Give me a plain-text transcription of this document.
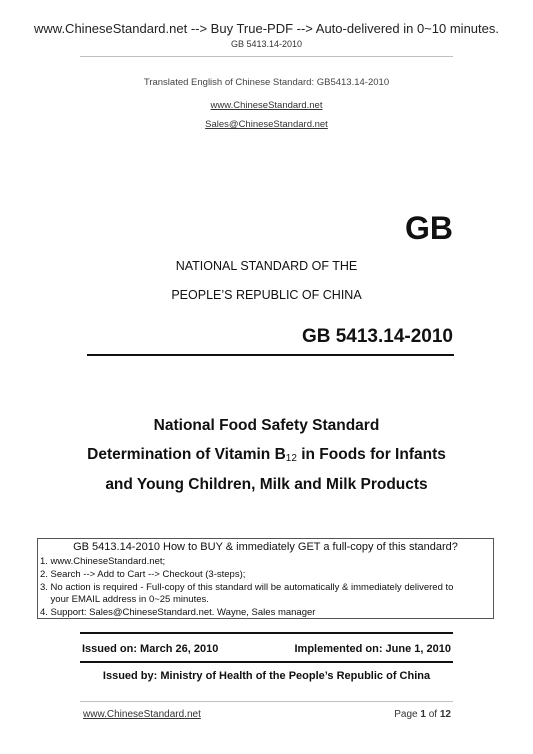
www.ChineseStandard.net --> Buy True-PDF --> Auto-delivered in 0~10 minutes.
GB 5413.14-2010
Translated English of Chinese Standard: GB5413.14-2010
www.ChineseStandard.net
Sales@ChineseStandard.net
GB
NATIONAL STANDARD OF THE
PEOPLE’S REPUBLIC OF CHINA
GB 5413.14-2010
National Food Safety Standard
Determination of Vitamin $B_{12}$ in Foods for Infants
and Young Children, Milk and Milk Products
GB 5413.14-2010 How to BUY & immediately GET a full-copy of this standard?
1. www.ChineseStandard.net;
2. Search --> Add to Cart --> Checkout (3-steps);
3. No action is required - Full-copy of this standard will be automatically & immediately delivered to
your EMAIL address in 0~25 minutes.
4. Support: Sales@ChineseStandard.net. Wayne, Sales manager
Issued on: March 26, 2010	Implemented on: June 1, 2010
Issued by: Ministry of Health of the People’s Republic of China
www.ChineseStandard.net	Page 1 of 12
